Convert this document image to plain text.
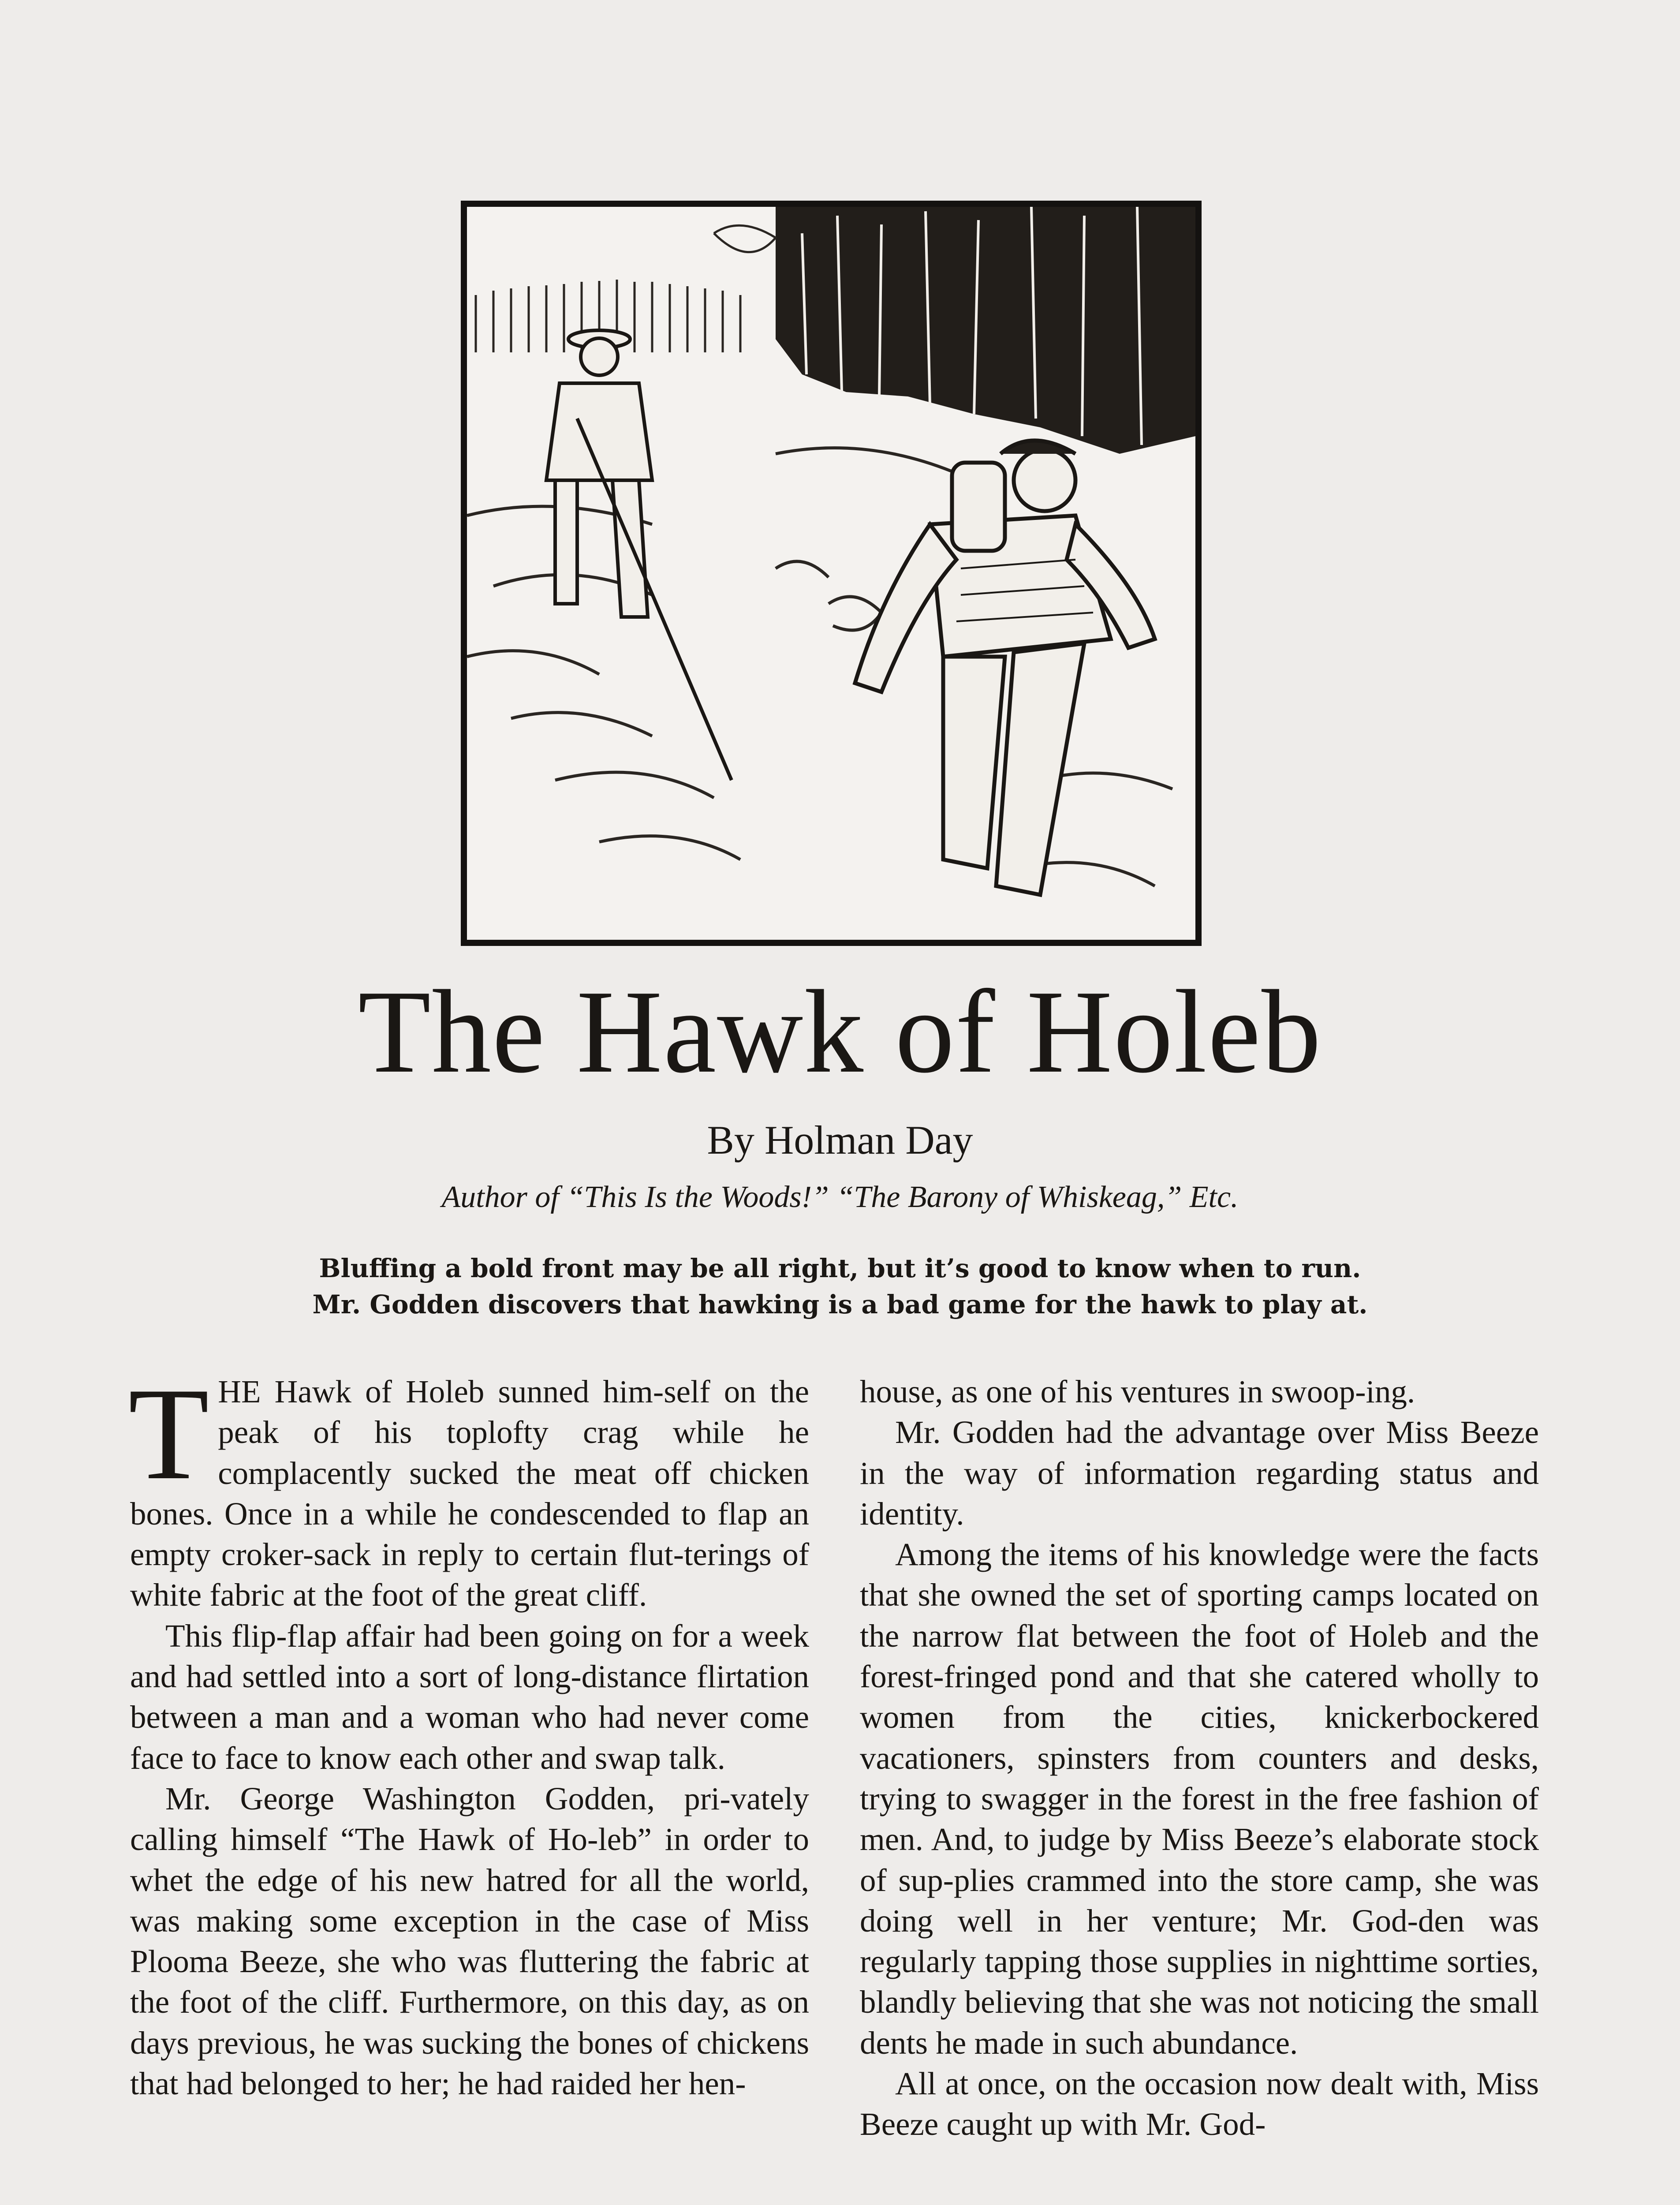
The Hawk of Holeb
By Holman Day
Author of “This Is the Woods!” “The Barony of Whiskeag,” Etc.
Bluffing a bold front may be all right, but it’s good to know when to run.
Mr. Godden discovers that hawking is a bad game for the hawk to play at.
T HE Hawk of Holeb sunned him-self on the peak of his toplofty crag while he complacently sucked the meat off chicken bones. Once in a while he condescended to flap an empty croker-sack in reply to certain flut-terings of white fabric at the foot of the great cliff.

This flip-flap affair had been going on for a week and had settled into a sort of long-distance flirtation between a man and a woman who had never come face to face to know each other and swap talk.

Mr. George Washington Godden, pri-vately calling himself “The Hawk of Ho-leb” in order to whet the edge of his new hatred for all the world, was making some exception in the case of Miss Plooma Beeze, she who was fluttering the fabric at the foot of the cliff. Furthermore, on this day, as on days previous, he was sucking the bones of chickens that had belonged to her; he had raided her hen-

house, as one of his ventures in swoop-ing.

Mr. Godden had the advantage over Miss Beeze in the way of information regarding status and identity.

Among the items of his knowledge were the facts that she owned the set of sporting camps located on the narrow flat between the foot of Holeb and the forest-fringed pond and that she catered wholly to women from the cities, knickerbockered vacationers, spinsters from counters and desks, trying to swagger in the forest in the free fashion of men. And, to judge by Miss Beeze’s elaborate stock of sup-plies crammed into the store camp, she was doing well in her venture; Mr. God-den was regularly tapping those supplies in nighttime sorties, blandly believing that she was not noticing the small dents he made in such abundance.

All at once, on the occasion now dealt with, Miss Beeze caught up with Mr. God-
